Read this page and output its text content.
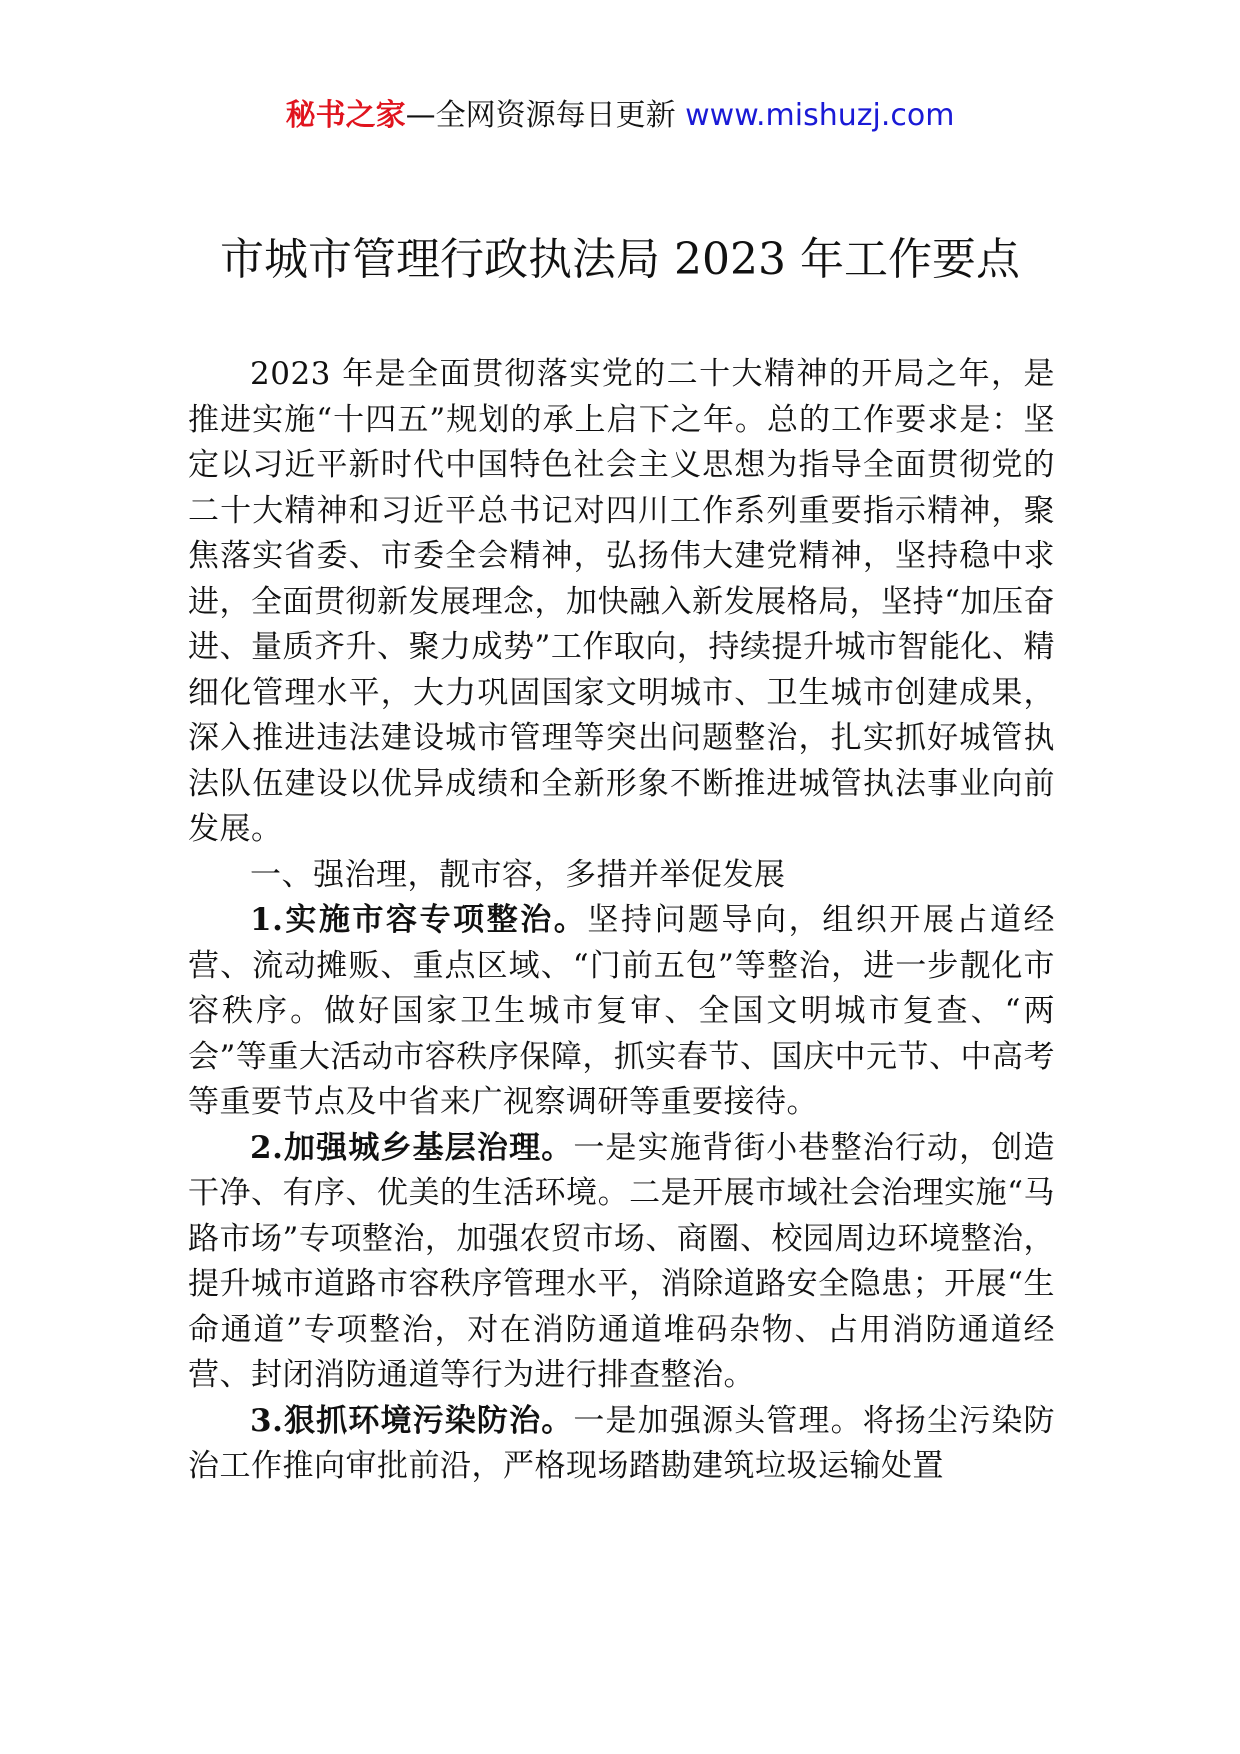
秘书之家—全网资源每日更新 www.mishuzj.com
市城市管理行政执法局 2023 年工作要点

2023 年是全面贯彻落实党的二十大精神的开局之年，是推进实施“十四五”规划的承上启下之年。总的工作要求是：坚定以习近平新时代中国特色社会主义思想为指导全面贯彻党的二十大精神和习近平总书记对四川工作系列重要指示精神，聚焦落实省委、市委全会精神，弘扬伟大建党精神，坚持稳中求进，全面贯彻新发展理念，加快融入新发展格局，坚持“加压奋进、量质齐升、聚力成势”工作取向，持续提升城市智能化、精细化管理水平，大力巩固国家文明城市、卫生城市创建成果，深入推进违法建设城市管理等突出问题整治，扎实抓好城管执法队伍建设以优异成绩和全新形象不断推进城管执法事业向前发展。

一、强治理，靓市容，多措并举促发展

1.实施市容专项整治。坚持问题导向，组织开展占道经营、流动摊贩、重点区域、“门前五包”等整治，进一步靓化市容秩序。做好国家卫生城市复审、全国文明城市复查、“两会”等重大活动市容秩序保障，抓实春节、国庆中元节、中高考等重要节点及中省来广视察调研等重要接待。

2.加强城乡基层治理。一是实施背街小巷整治行动，创造干净、有序、优美的生活环境。二是开展市域社会治理实施“马路市场”专项整治，加强农贸市场、商圈、校园周边环境整治，提升城市道路市容秩序管理水平，消除道路安全隐患；开展“生命通道”专项整治，对在消防通道堆码杂物、占用消防通道经营、封闭消防通道等行为进行排查整治。

3.狠抓环境污染防治。一是加强源头管理。将扬尘污染防治工作推向审批前沿，严格现场踏勘建筑垃圾运输处置
